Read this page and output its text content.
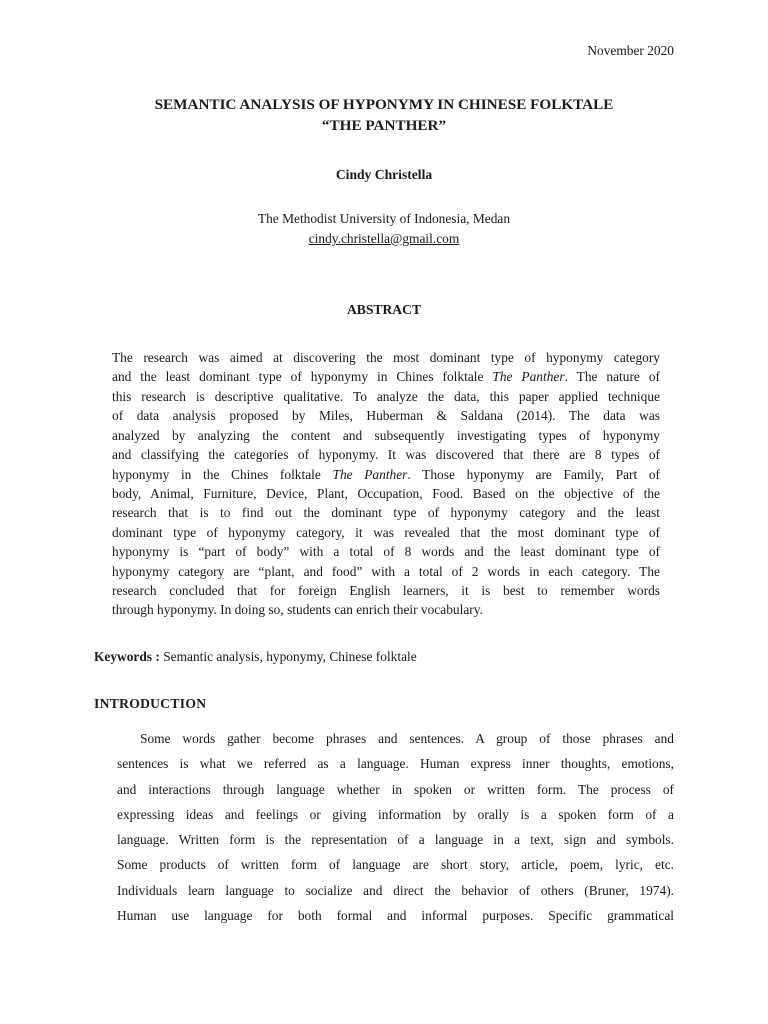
November 2020
SEMANTIC ANALYSIS OF HYPONYMY IN CHINESE FOLKTALE
“THE PANTHER”
Cindy Christella
The Methodist University of Indonesia, Medan
cindy.christella@gmail.com
ABSTRACT
The research was aimed at discovering the most dominant type of hyponymy category
and the least dominant type of hyponymy in Chines folktale The Panther. The nature of
this research is descriptive qualitative. To analyze the data, this paper applied technique
of data analysis proposed by Miles, Huberman & Saldana (2014). The data was
analyzed by analyzing the content and subsequently investigating types of hyponymy
and classifying the categories of hyponymy. It was discovered that there are 8 types of
hyponymy in the Chines folktale The Panther. Those hyponymy are Family, Part of
body, Animal, Furniture, Device, Plant, Occupation, Food. Based on the objective of the
research that is to find out the dominant type of hyponymy category and the least
dominant type of hyponymy category, it was revealed that the most dominant type of
hyponymy is “part of body” with a total of 8 words and the least dominant type of
hyponymy category are “plant, and food” with a total of 2 words in each category. The
research concluded that for foreign English learners, it is best to remember words
through hyponymy. In doing so, students can enrich their vocabulary.
Keywords : Semantic analysis, hyponymy, Chinese folktale
INTRODUCTION
Some words gather become phrases and sentences. A group of those phrases and
sentences is what we referred as a language. Human express inner thoughts, emotions,
and interactions through language whether in spoken or written form. The process of
expressing ideas and feelings or giving information by orally is a spoken form of a
language. Written form is the representation of a language in a text, sign and symbols.
Some products of written form of language are short story, article, poem, lyric, etc.
Individuals learn language to socialize and direct the behavior of others (Bruner, 1974).
Human use language for both formal and informal purposes. Specific grammatical
